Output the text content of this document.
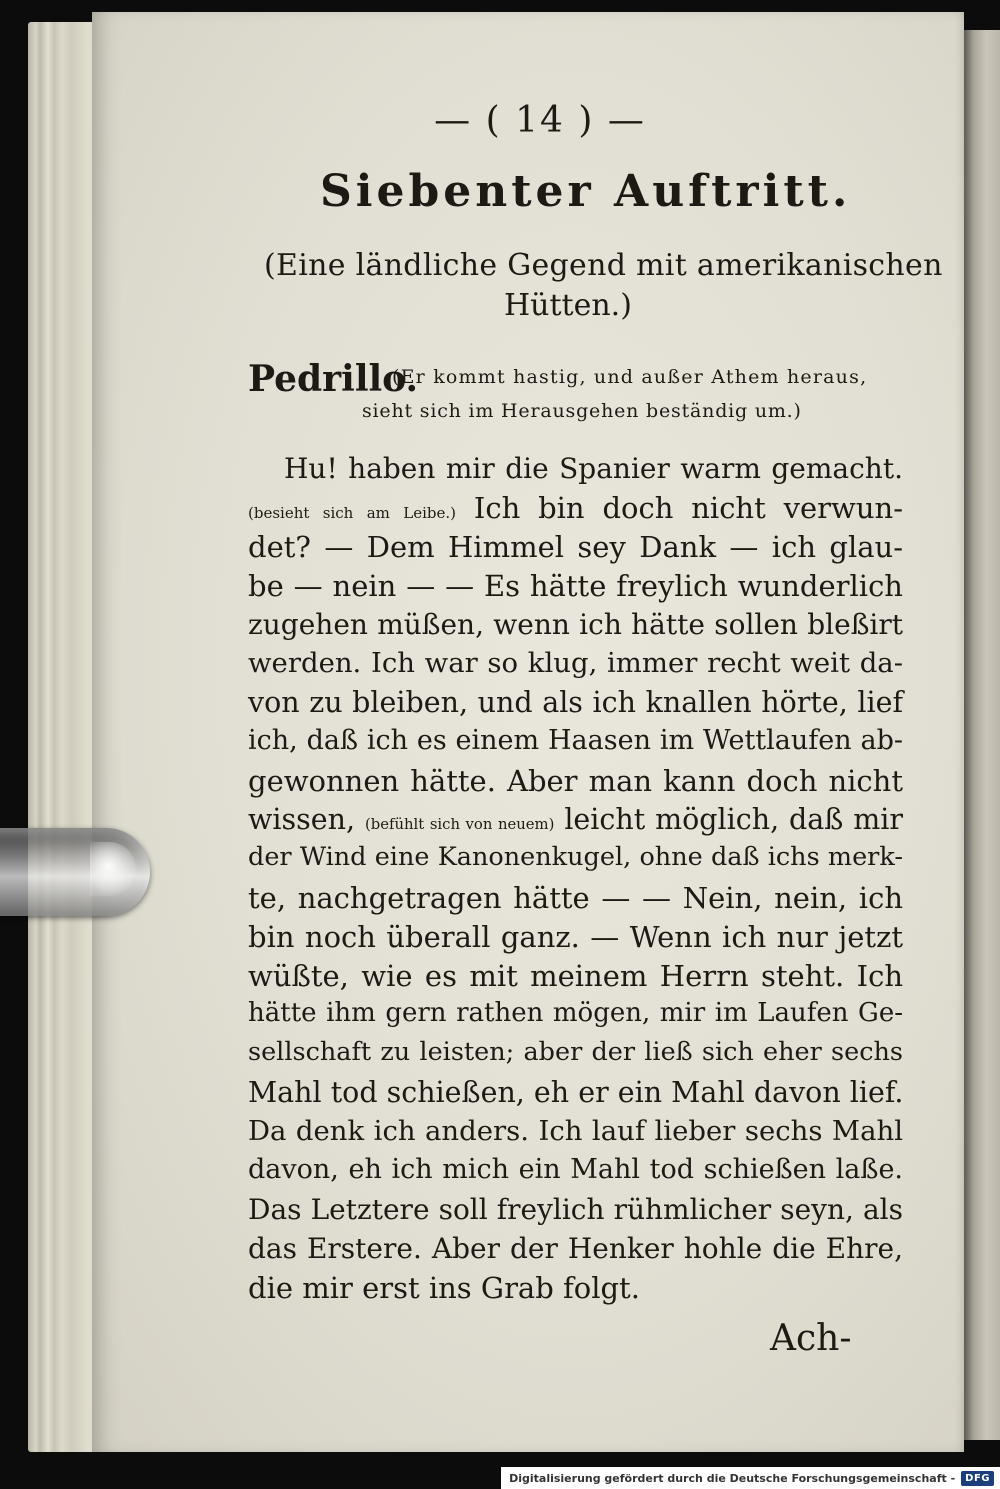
— ( 14 ) —
Siebenter Auftritt.
(Eine ländliche Gegend mit amerikanischen
Hütten.)
Pedrillo.
(Er kommt hastig, und außer Athem heraus,
sieht sich im Herausgehen beständig um.)
Hu! haben mir die Spanier warm gemacht.
(besieht sich am Leibe.) Ich bin doch nicht verwun-
det? — Dem Himmel sey Dank — ich glau-
be — nein — — Es hätte freylich wunderlich
zugehen müßen, wenn ich hätte sollen bleßirt
werden. Ich war so klug, immer recht weit da-
von zu bleiben, und als ich knallen hörte, lief
ich, daß ich es einem Haasen im Wettlaufen ab-
gewonnen hätte. Aber man kann doch nicht
wissen, (befühlt sich von neuem) leicht möglich, daß mir
der Wind eine Kanonenkugel, ohne daß ichs merk-
te, nachgetragen hätte — — Nein, nein, ich
bin noch überall ganz. — Wenn ich nur jetzt
wüßte, wie es mit meinem Herrn steht. Ich
hätte ihm gern rathen mögen, mir im Laufen Ge-
sellschaft zu leisten; aber der ließ sich eher sechs
Mahl tod schießen, eh er ein Mahl davon lief.
Da denk ich anders. Ich lauf lieber sechs Mahl
davon, eh ich mich ein Mahl tod schießen laße.
Das Letztere soll freylich rühmlicher seyn, als
das Erstere. Aber der Henker hohle die Ehre,
die mir erst ins Grab folgt.
Ach-
Digitalisierung gefördert durch die Deutsche Forschungsgemeinschaft -	DFG
